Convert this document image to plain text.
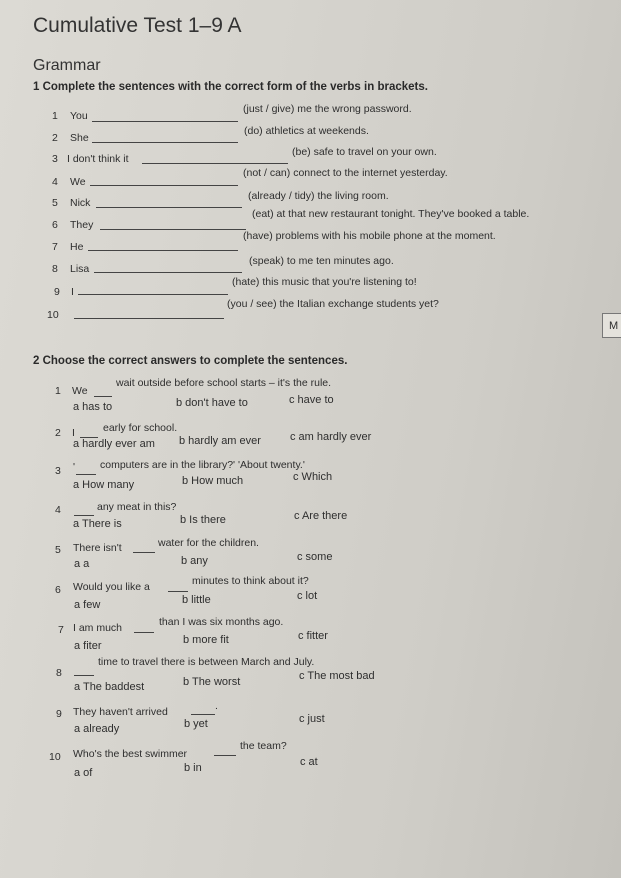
Cumulative Test 1–9 A
Grammar
1 Complete the sentences with the correct form of the verbs in brackets.
1 You
(just / give) me the wrong password.
2 She
(do) athletics at weekends.
3 I don't think it
(be) safe to travel on your own.
4 We
(not / can) connect to the internet yesterday.
5 Nick
(already / tidy) the living room.
6 They
(eat) at that new restaurant tonight. They've booked a table.
7 He
(have) problems with his mobile phone at the moment.
8 Lisa
(speak) to me ten minutes ago.
9 I
(hate) this music that you're listening to!
10
(you / see) the Italian exchange students yet?
M
2 Choose the correct answers to complete the sentences.
1 We
wait outside before school starts – it's the rule.
a has to	b don't have to	c have to
2 I	early for school.
a hardly ever am b hardly am ever	c am hardly ever
3 ' computers are in the library?' 'About twenty.'
a How many	b How much	c Which
4	any meat in this?
a There is	b Is there	c Are there
5 There isn't	water for the children.
a a	b any	c some
6 Would you like a	minutes to think about it?
a few	b little	c lot
7 I am much	than I was six months ago.
a fiter	b more fit	c fitter
8
time to travel there is between March and July.
a The baddest	b The worst	c The most bad
9 They haven't arrived	.
a already	b yet	c just
10 Who's the best swimmer
the team?
a of	b in	c at
